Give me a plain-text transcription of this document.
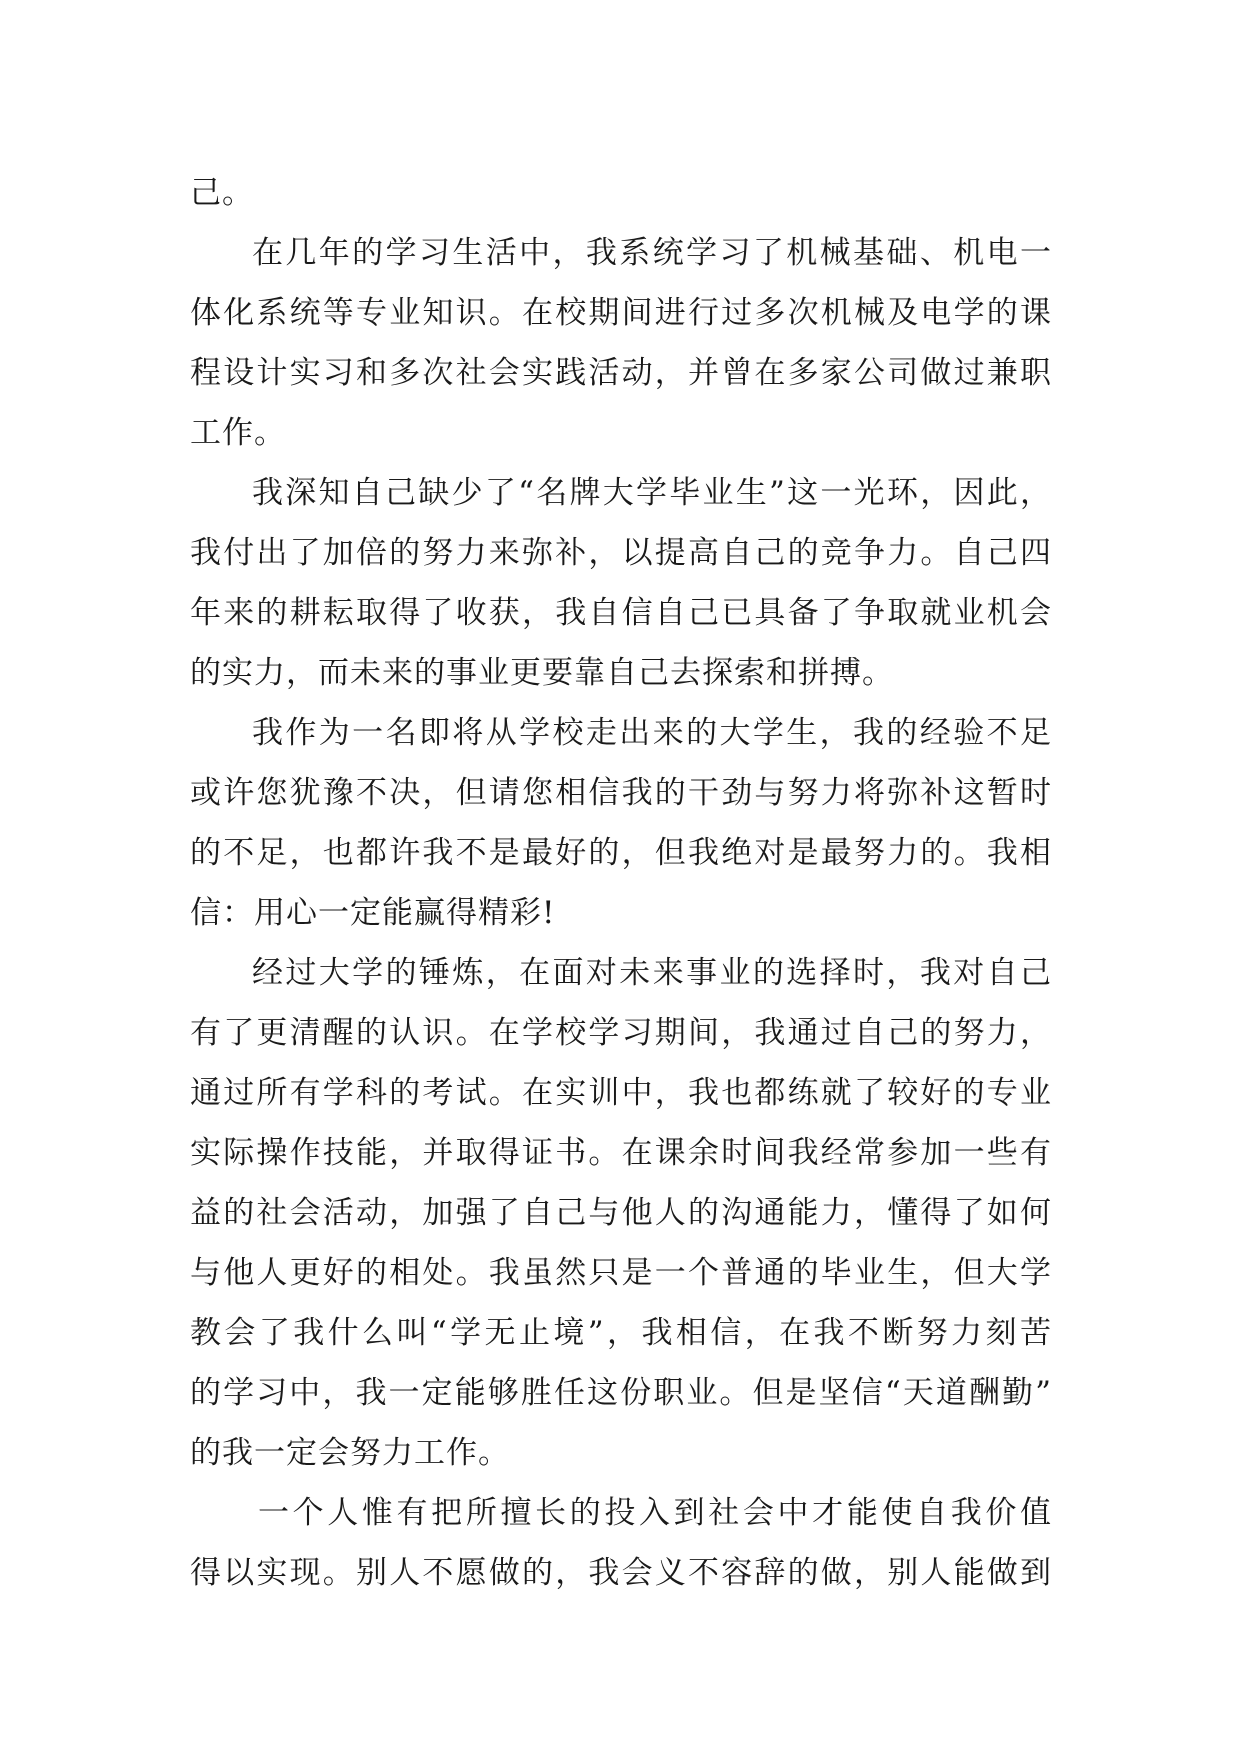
己。
在几年的学习生活中，我系统学习了机械基础、机电一
体化系统等专业知识。在校期间进行过多次机械及电学的课
程设计实习和多次社会实践活动，并曾在多家公司做过兼职
工作。
我深知自己缺少了“名牌大学毕业生”这一光环，因此，
我付出了加倍的努力来弥补，以提高自己的竞争力。自己四
年来的耕耘取得了收获，我自信自己已具备了争取就业机会
的实力，而未来的事业更要靠自己去探索和拼搏。
我作为一名即将从学校走出来的大学生，我的经验不足
或许您犹豫不决，但请您相信我的干劲与努力将弥补这暂时
的不足，也都许我不是最好的，但我绝对是最努力的。我相
信：用心一定能赢得精彩!
经过大学的锤炼，在面对未来事业的选择时，我对自己
有了更清醒的认识。在学校学习期间，我通过自己的努力，
通过所有学科的考试。在实训中，我也都练就了较好的专业
实际操作技能，并取得证书。在课余时间我经常参加一些有
益的社会活动，加强了自己与他人的沟通能力，懂得了如何
与他人更好的相处。我虽然只是一个普通的毕业生，但大学
教会了我什么叫“学无止境”，我相信，在我不断努力刻苦
的学习中，我一定能够胜任这份职业。但是坚信“天道酬勤”
的我一定会努力工作。
一个人惟有把所擅长的投入到社会中才能使自我价值
得以实现。别人不愿做的，我会义不容辞的做，别人能做到
